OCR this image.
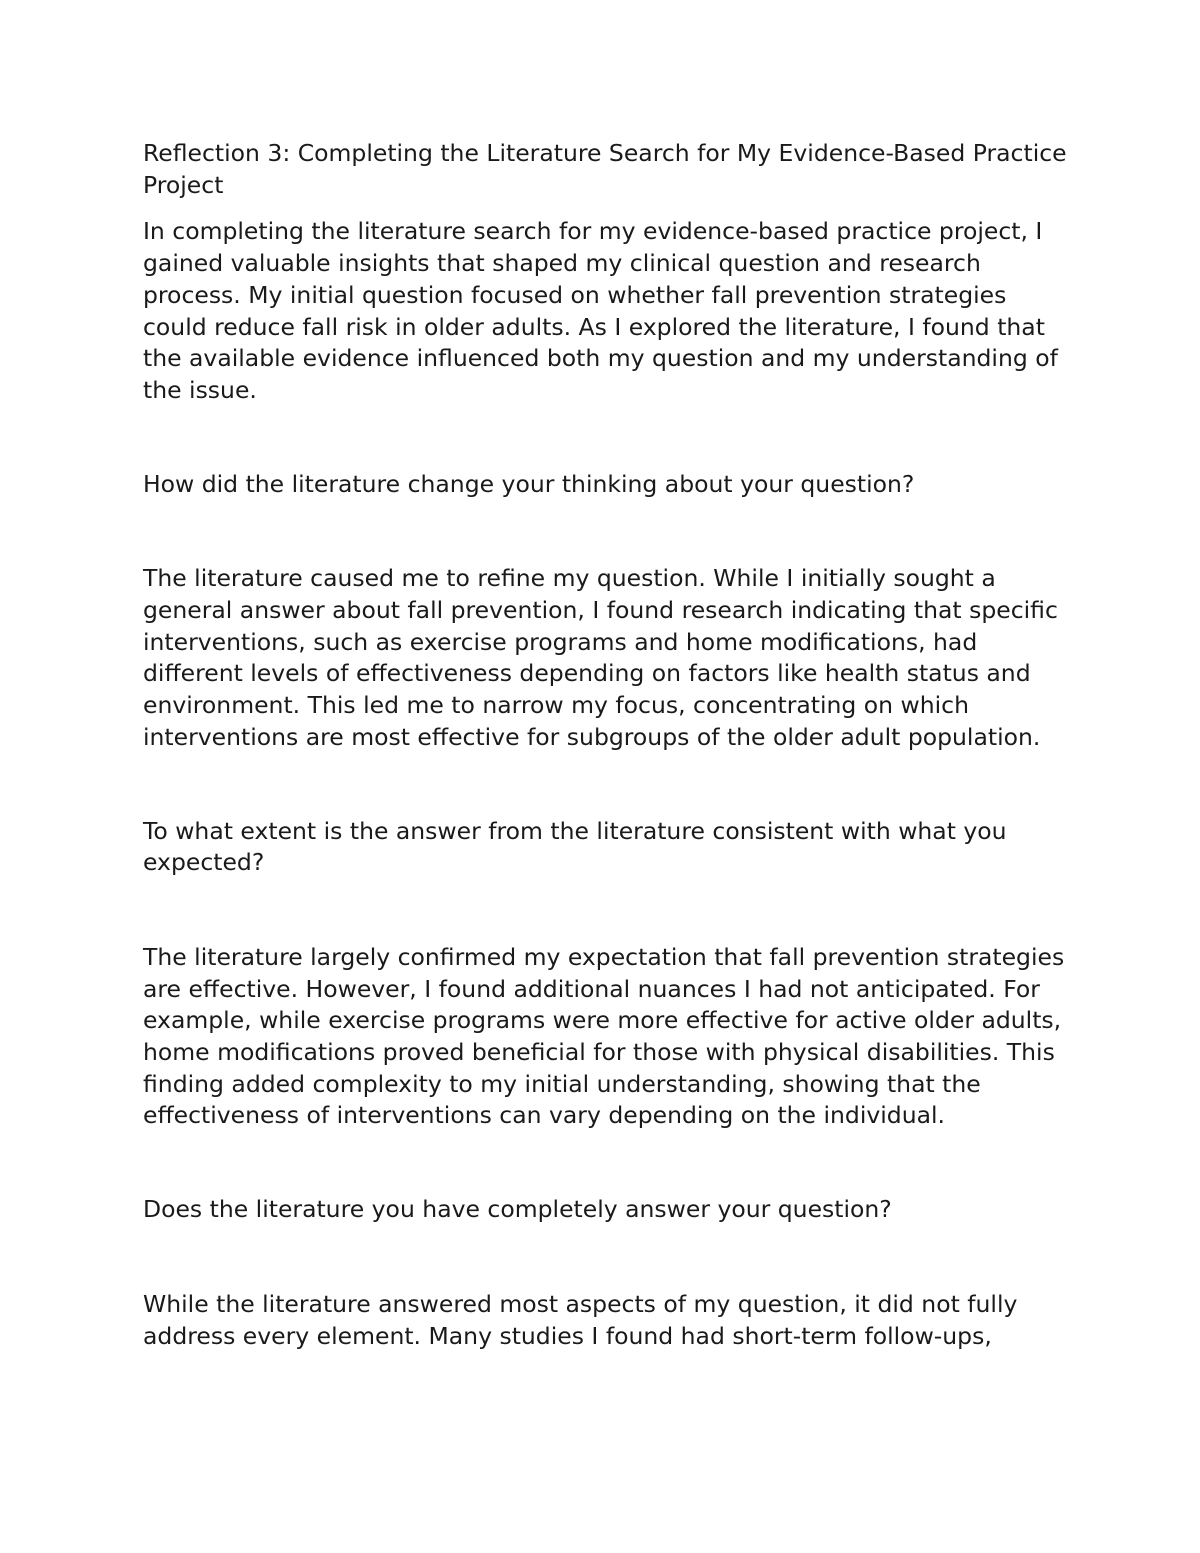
Reflection 3: Completing the Literature Search for My Evidence-Based Practice Project

In completing the literature search for my evidence-based practice project, I gained valuable insights that shaped my clinical question and research process. My initial question focused on whether fall prevention strategies could reduce fall risk in older adults. As I explored the literature, I found that the available evidence influenced both my question and my understanding of the issue.

How did the literature change your thinking about your question?

The literature caused me to refine my question. While I initially sought a general answer about fall prevention, I found research indicating that specific interventions, such as exercise programs and home modifications, had different levels of effectiveness depending on factors like health status and environment. This led me to narrow my focus, concentrating on which interventions are most effective for subgroups of the older adult population.

To what extent is the answer from the literature consistent with what you expected?

The literature largely confirmed my expectation that fall prevention strategies are effective. However, I found additional nuances I had not anticipated. For example, while exercise programs were more effective for active older adults, home modifications proved beneficial for those with physical disabilities. This finding added complexity to my initial understanding, showing that the effectiveness of interventions can vary depending on the individual.

Does the literature you have completely answer your question?

While the literature answered most aspects of my question, it did not fully address every element. Many studies I found had short-term follow-ups,
